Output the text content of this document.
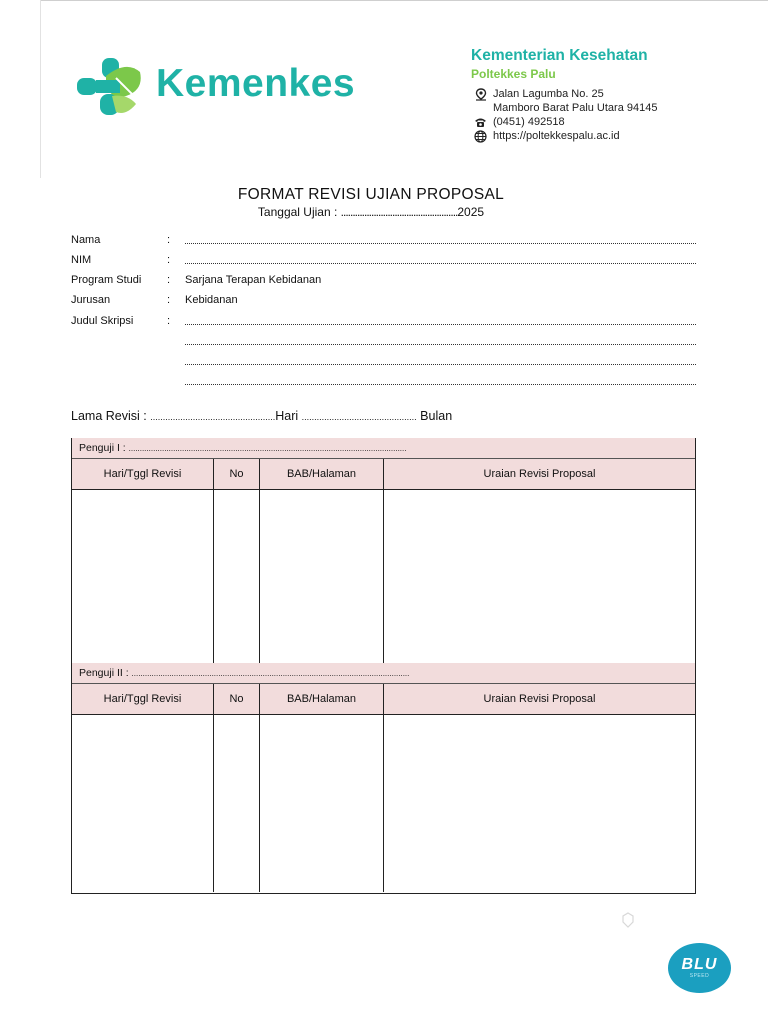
Kemenkes
Kementerian Kesehatan
Poltekkes Palu
Jalan Lagumba No. 25
Mamboro Barat Palu Utara 94145
(0451) 492518
https://poltekkespalu.ac.id
FORMAT REVISI UJIAN PROPOSAL
Tanggal Ujian : ..................................................2025
Nama	:
NIM	:
Program Studi : Sarjana Terapan Kebidanan
Jurusan	: Kebidanan
Judul Skripsi	:
Lama Revisi : ..................................................Hari .............................................. Bulan
Penguji I : .............................................................................................................................
Hari/Tggl Revisi	No	BAB/Halaman	Uraian Revisi Proposal
Penguji II : .............................................................................................................................
Hari/Tggl Revisi	No	BAB/Halaman	Uraian Revisi Proposal
BLU
SPEED
